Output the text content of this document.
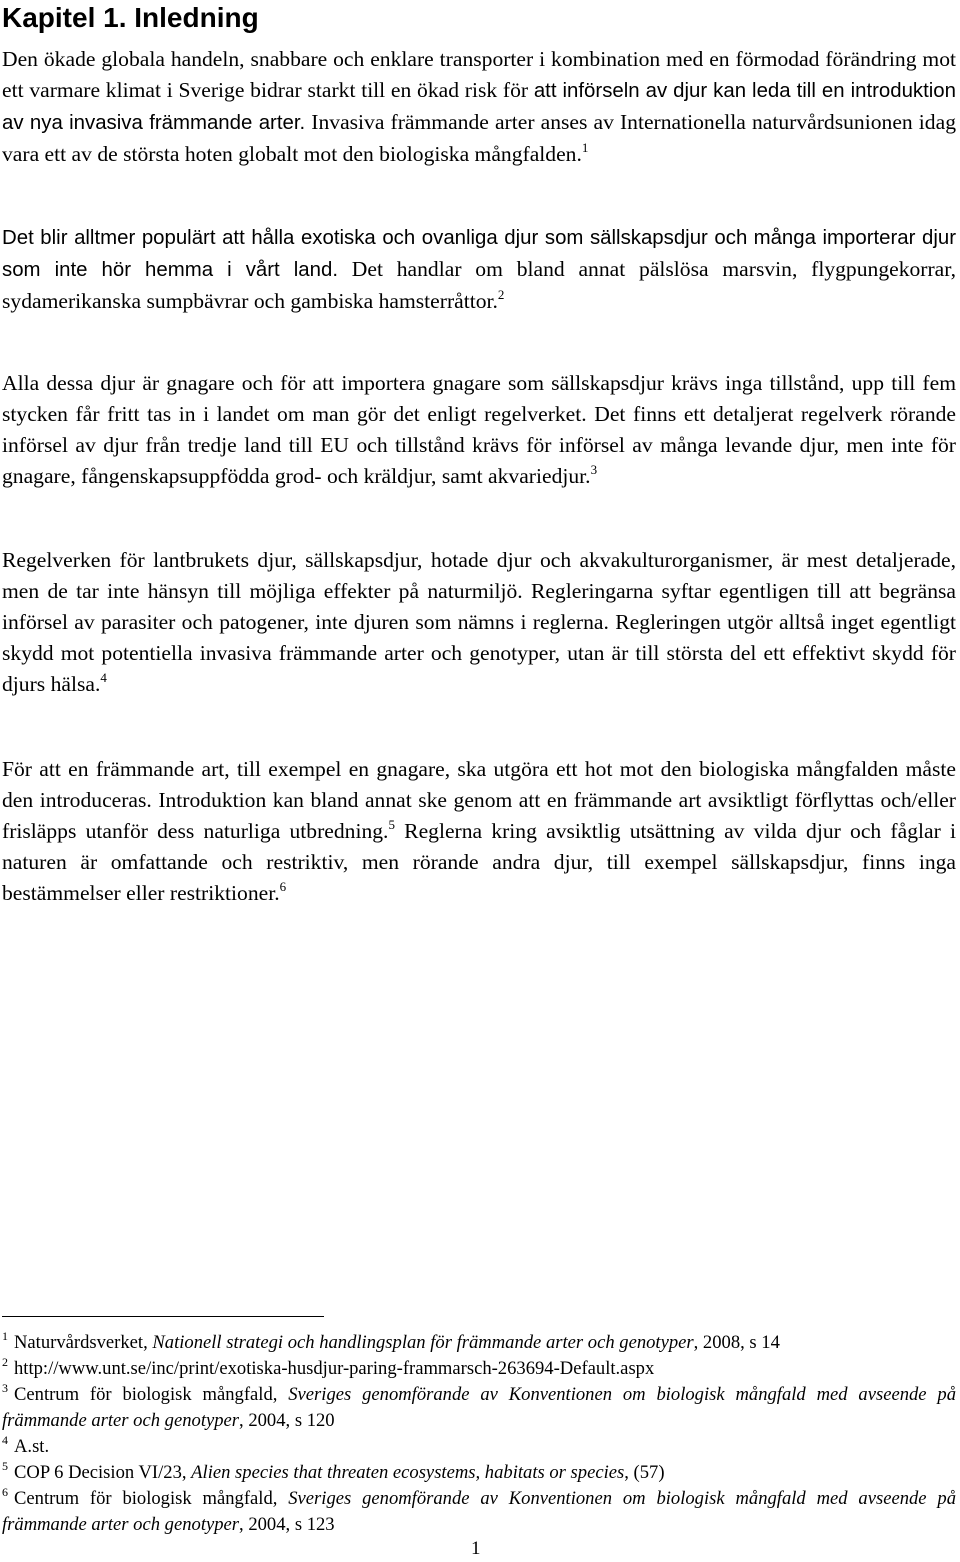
Kapitel 1. Inledning

Den ökade globala handeln, snabbare och enklare transporter i kombination med en förmodad förändring mot ett varmare klimat i Sverige bidrar starkt till en ökad risk för att införseln av djur kan leda till en introduktion av nya invasiva främmande arter. Invasiva främmande arter anses av Internationella naturvårdsunionen idag vara ett av de största hoten globalt mot den biologiska mångfalden.$^1$

Det blir alltmer populärt att hålla exotiska och ovanliga djur som sällskapsdjur och många importerar djur som inte hör hemma i vårt land. Det handlar om bland annat pälslösa marsvin, flygpungekorrar, sydamerikanska sumpbävrar och gambiska hamsterråttor.$^2$

Alla dessa djur är gnagare och för att importera gnagare som sällskapsdjur krävs inga tillstånd, upp till fem stycken får fritt tas in i landet om man gör det enligt regelverket. Det finns ett detaljerat regelverk rörande införsel av djur från tredje land till EU och tillstånd krävs för införsel av många levande djur, men inte för gnagare, fångenskapsuppfödda grod- och kräldjur, samt akvariedjur.$^3$

Regelverken för lantbrukets djur, sällskapsdjur, hotade djur och akvakulturorganismer, är mest detaljerade, men de tar inte hänsyn till möjliga effekter på naturmiljö. Regleringarna syftar egentligen till att begränsa införsel av parasiter och patogener, inte djuren som nämns i reglerna. Regleringen utgör alltså inget egentligt skydd mot potentiella invasiva främmande arter och genotyper, utan är till största del ett effektivt skydd för djurs hälsa.$^4$

För att en främmande art, till exempel en gnagare, ska utgöra ett hot mot den biologiska mångfalden måste den introduceras. Introduktion kan bland annat ske genom att en främmande art avsiktligt förflyttas och/eller frisläpps utanför dess naturliga utbredning.$^5$ Reglerna kring avsiktlig utsättning av vilda djur och fåglar i naturen är omfattande och restriktiv, men rörande andra djur, till exempel sällskapsdjur, finns inga bestämmelser eller restriktioner.$^6$

$^1$ Naturvårdsverket, Nationell strategi och handlingsplan för främmande arter och genotyper, 2008, s 14

$^2$ http://www.unt.se/inc/print/exotiska-husdjur-paring-frammarsch-263694-Default.aspx

$^3$ Centrum för biologisk mångfald, Sveriges genomförande av Konventionen om biologisk mångfald med avseende på främmande arter och genotyper, 2004, s 120

$^4$ A.st.

$^5$ COP 6 Decision VI/23, Alien species that threaten ecosystems, habitats or species, (57)

$^6$ Centrum för biologisk mångfald, Sveriges genomförande av Konventionen om biologisk mångfald med avseende på främmande arter och genotyper, 2004, s 123

1
